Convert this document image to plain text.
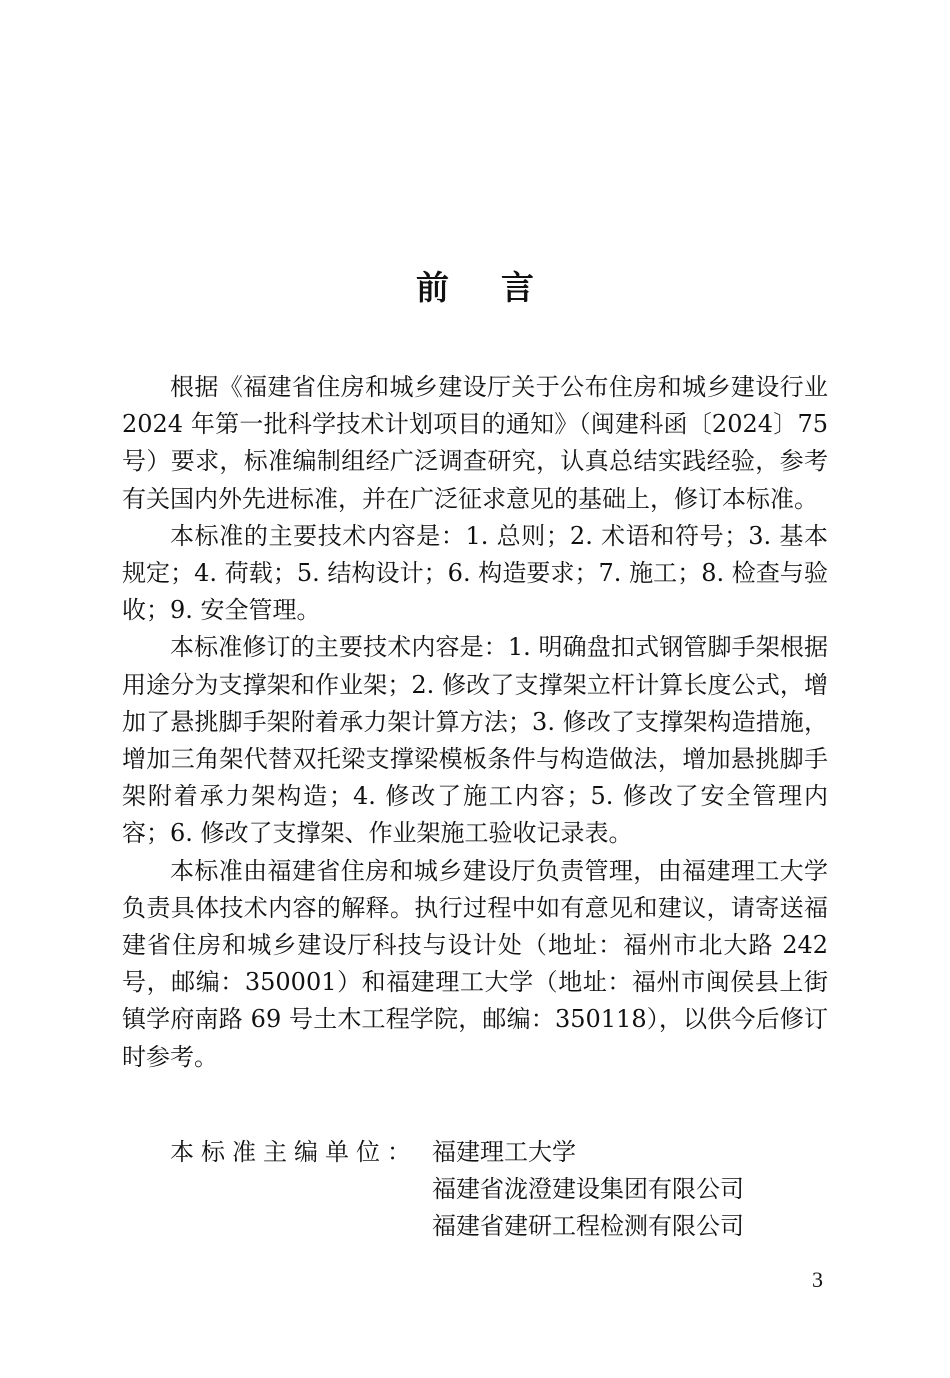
前言

根据《福建省住房和城乡建设厅关于公布住房和城乡建设行业 2024 年第一批科学技术计划项目的通知》（闽建科函〔2024〕75 号）要求，标准编制组经广泛调查研究，认真总结实践经验，参考有关国内外先进标准，并在广泛征求意见的基础上，修订本标准。

本标准的主要技术内容是：1. 总则；2. 术语和符号；3. 基本规定；4. 荷载；5. 结构设计；6. 构造要求；7. 施工；8. 检查与验收；9. 安全管理。

本标准修订的主要技术内容是：1. 明确盘扣式钢管脚手架根据用途分为支撑架和作业架；2. 修改了支撑架立杆计算长度公式，增加了悬挑脚手架附着承力架计算方法；3. 修改了支撑架构造措施，增加三角架代替双托梁支撑梁模板条件与构造做法，增加悬挑脚手架附着承力架构造；4. 修改了施工内容；5. 修改了安全管理内容；6. 修改了支撑架、作业架施工验收记录表。

本标准由福建省住房和城乡建设厅负责管理，由福建理工大学负责具体技术内容的解释。执行过程中如有意见和建议，请寄送福建省住房和城乡建设厅科技与设计处（地址：福州市北大路 242 号，邮编：350001）和福建理工大学（地址：福州市闽侯县上街镇学府南路 69 号土木工程学院，邮编：350118），以供今后修订时参考。

本标准主编单位： 福建理工大学
福建省泷澄建设集团有限公司
福建省建研工程检测有限公司
3
